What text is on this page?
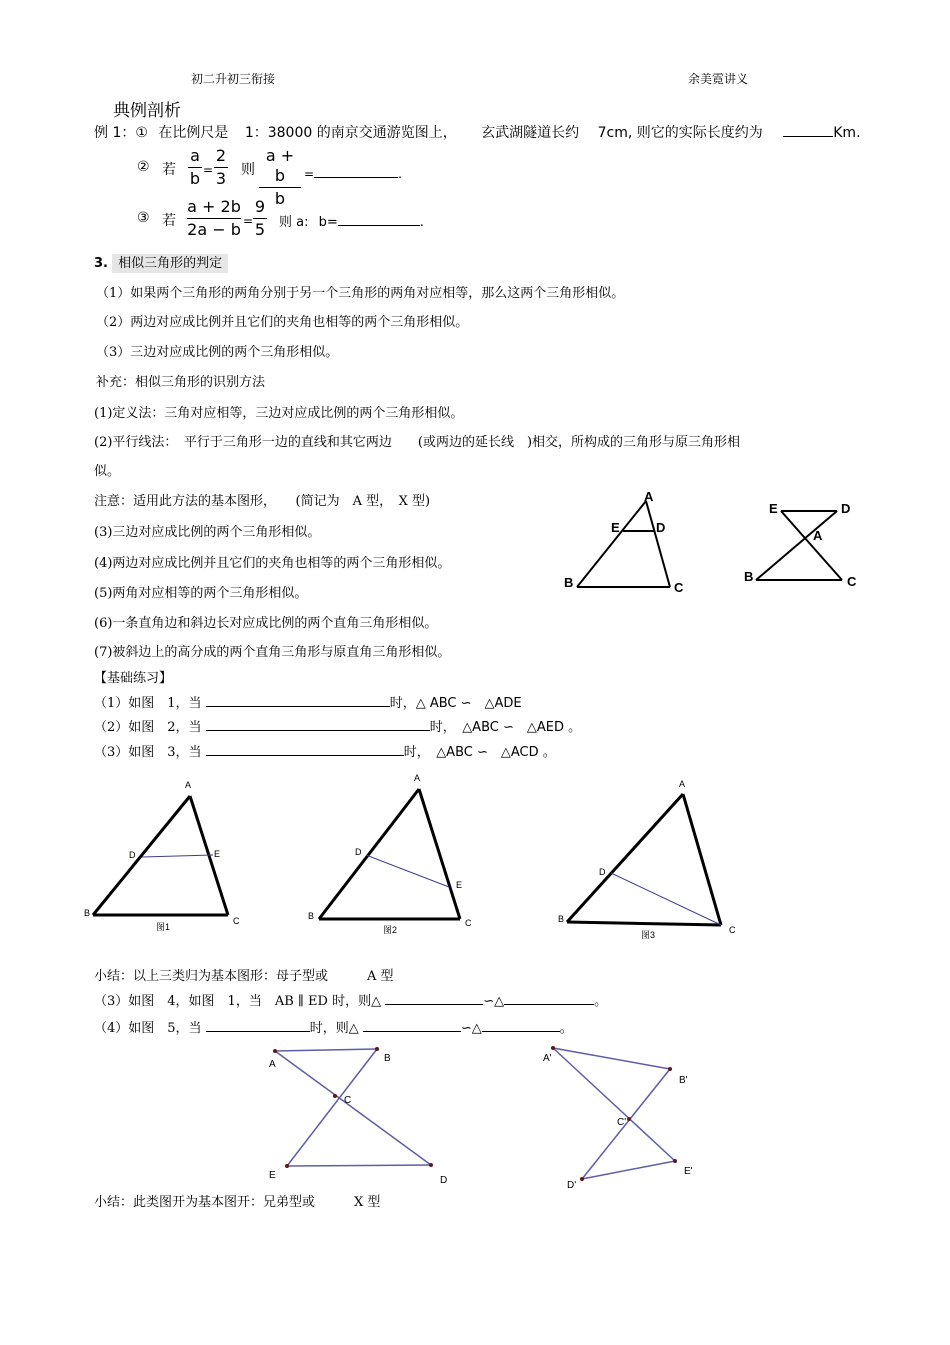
初二升初三衔接	余美霓讲义
典例剖析
例 1：① 在比例尺是 1：38000 的南京交通游览图上， 玄武湖隧道长约 7cm, 则它的实际长度约为	Km.
② 若
a
b =
2
3 则
a + b
b
=	.
③ 若
a + 2b
2a − b =
9
5 则 a: b=	.
3. 相似三角形的判定
（1）如果两个三角形的两角分别于另一个三角形的两角对应相等，那么这两个三角形相似。
（2）两边对应成比例并且它们的夹角也相等的两个三角形相似。
（3）三边对应成比例的两个三角形相似。
补充：相似三角形的识别方法
(1)定义法：三角对应相等，三边对应成比例的两个三角形相似。
(2)平行线法：　平行于三角形一边的直线和其它两边　　(或两边的延长线　)相交，所构成的三角形与原三角形相
似。
注意：适用此方法的基本图形，　　(简记为　A 型，　X 型)
(3)三边对应成比例的两个三角形相似。
(4)两边对应成比例并且它们的夹角也相等的两个三角形相似。
(5)两角对应相等的两个三角形相似。
(6)一条直角边和斜边长对应成比例的两个直角三角形相似。
(7)被斜边上的高分成的两个直角三角形与原直角三角形相似。
A
E	D
B	C
E	D
A
B	C
【基础练习】
（1）如图　1，当	时，△ ABC ∽　△ADE
（2）如图　2，当	时，　△ABC ∽　△AED 。
（3）如图　3，当	时，　△ABC ∽　△ACD 。
A
D	E
B
C
图1
A
D
E
B
C
图2
A
D
B
C
图3
小结：以上三类归为基本图形：母子型或　　　A 型
（3）如图　4，如图　1，当　AB ∥ ED 时，则△	∽△	。
（4）如图　5，当	时，则△	∽△	。
A
B
C
E	D
A'
B'
C'
D'
E'
小结：此类图开为基本图开：兄弟型或　　　X 型
